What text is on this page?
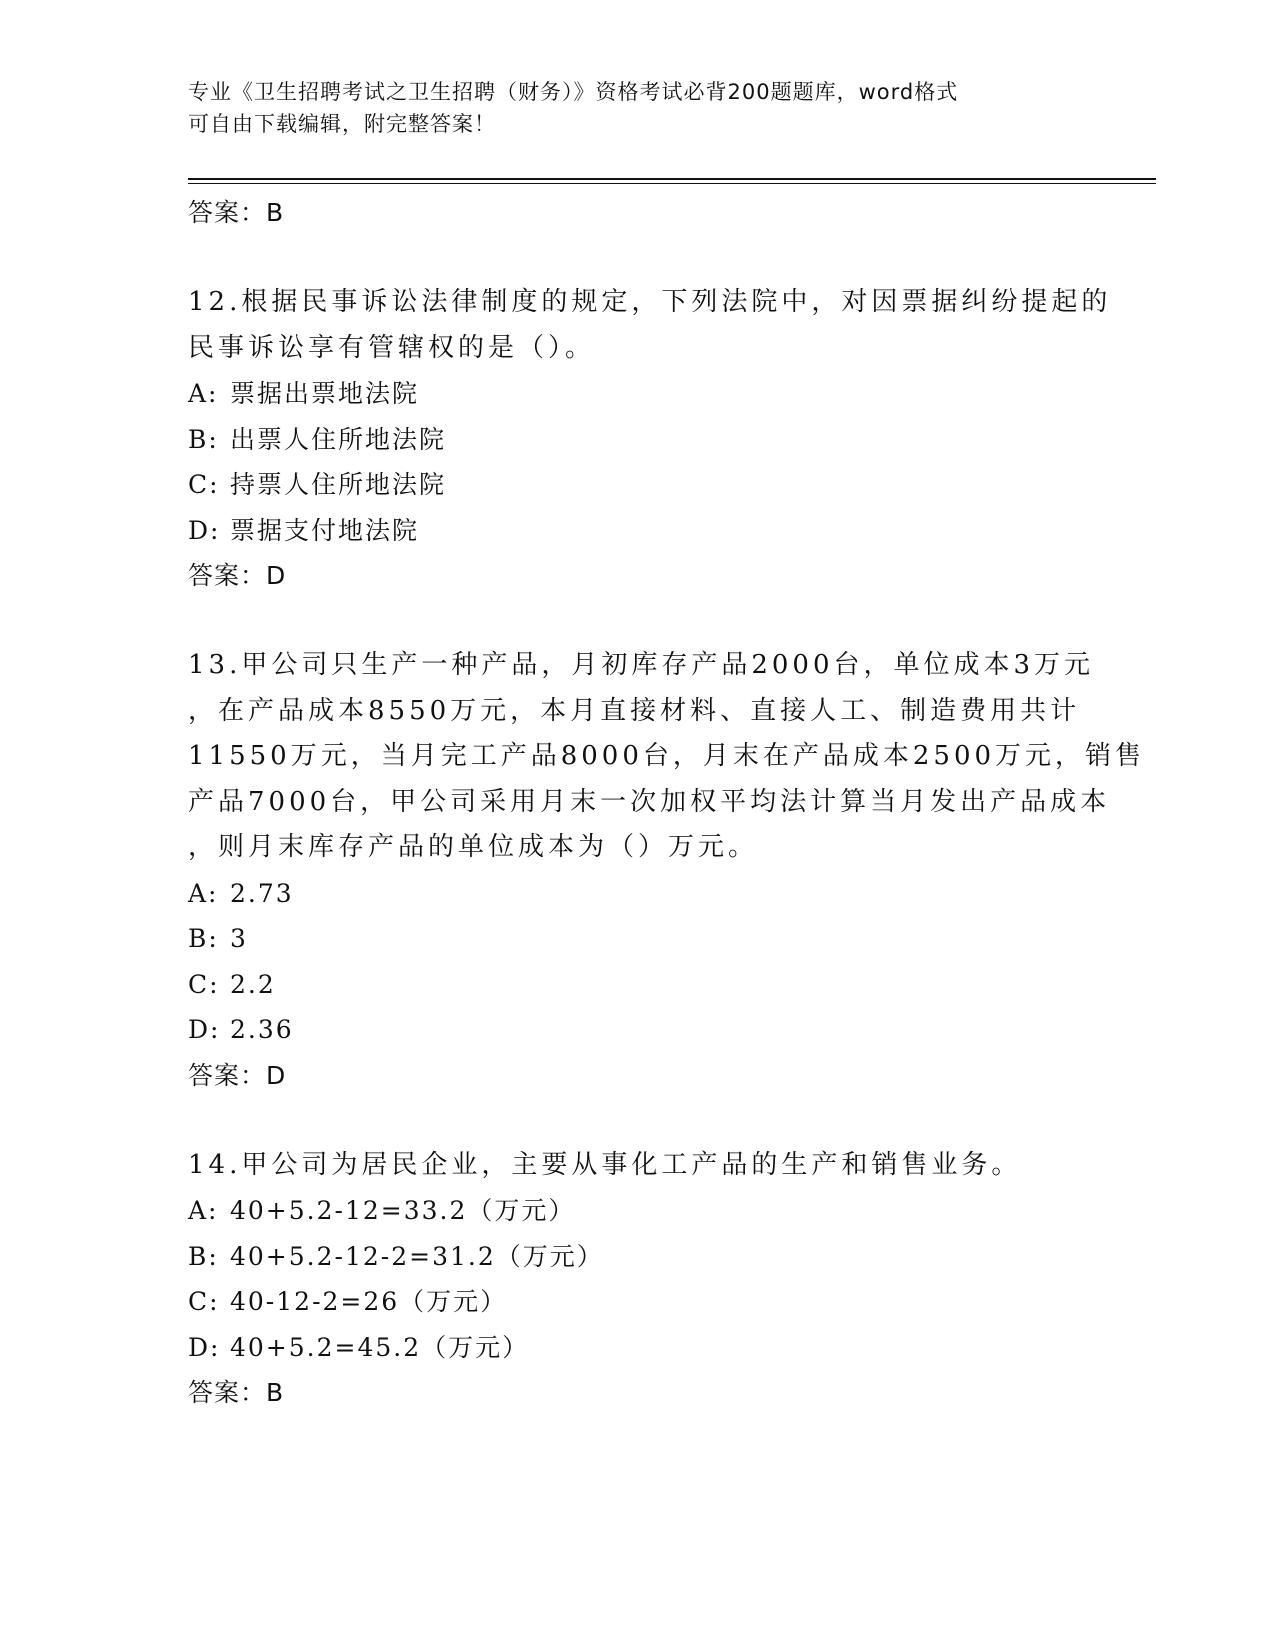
专业《卫生招聘考试之卫生招聘（财务）》资格考试必背200题题库，word格式
可自由下载编辑，附完整答案！
答案：B
12.根据民事诉讼法律制度的规定，下列法院中，对因票据纠纷提起的
民事诉讼享有管辖权的是（）。
A: 票据出票地法院
B: 出票人住所地法院
C: 持票人住所地法院
D: 票据支付地法院
答案：D
13.甲公司只生产一种产品，月初库存产品2000台，单位成本3万元
，在产品成本8550万元，本月直接材料、直接人工、制造费用共计
11550万元，当月完工产品8000台，月末在产品成本2500万元，销售
产品7000台，甲公司采用月末一次加权平均法计算当月发出产品成本
，则月末库存产品的单位成本为（）万元。
A: 2.73
B: 3
C: 2.2
D: 2.36
答案：D
14.甲公司为居民企业，主要从事化工产品的生产和销售业务。
A: 40+5.2-12=33.2（万元）
B: 40+5.2-12-2=31.2（万元）
C: 40-12-2=26（万元）
D: 40+5.2=45.2（万元）
答案：B
